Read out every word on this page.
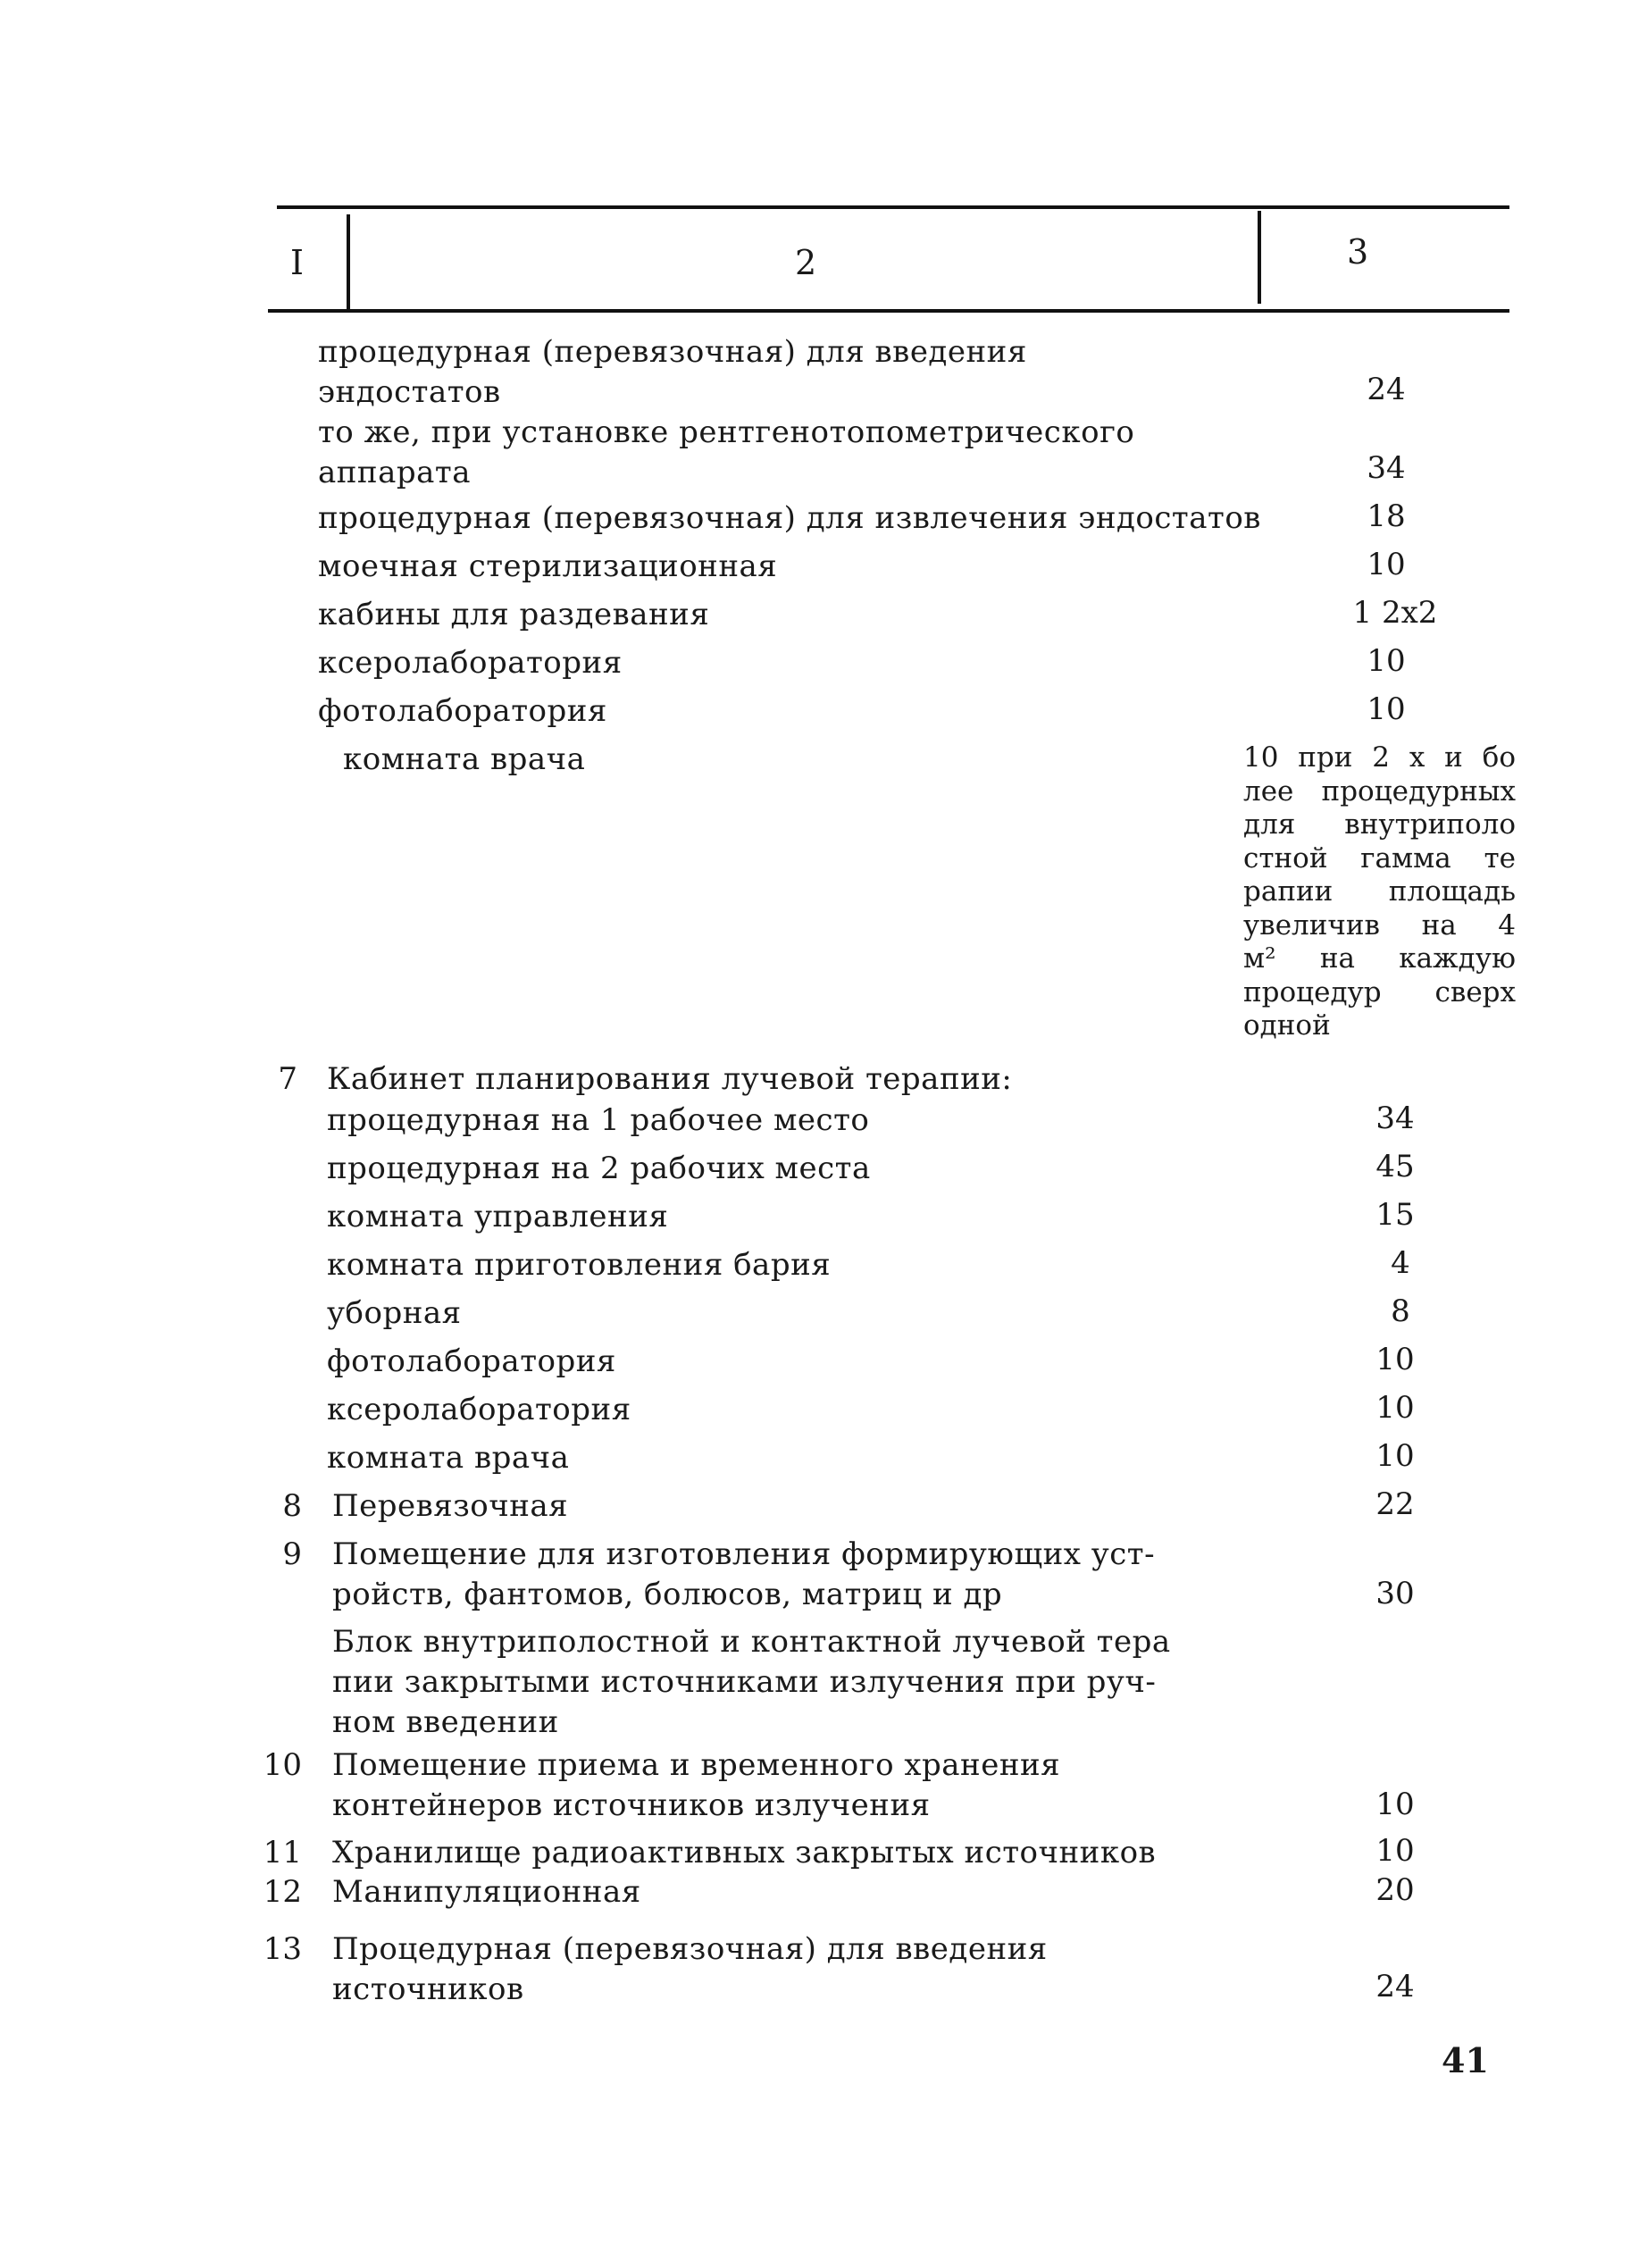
I	2	3
процедурная (перевязочная) для введения
эндостатов	24
то же, при установке рентгенотопометрического
аппарата	34
процедурная (перевязочная) для извлечения эндостатов	18
моечная стерилизационная	10
кабины для раздевания	1 2х2
ксеролаборатория	10
фотолаборатория	10
комната врача	10 при 2 х и бо
лее процедурных
для внутриполо
стной гамма те
рапии площадь
увеличив на 4
м² на каждую
процедур сверх
одной
7 Кабинет планирования лучевой терапии:
процедурная на 1 рабочее место	34
процедурная на 2 рабочих места	45
комната управления	15
комната приготовления бария	4
уборная	8
фотолаборатория	10
ксеролаборатория	10
комната врача	10
8 Перевязочная	22
9 Помещение для изготовления формирующих уст-
ройств, фантомов, болюсов, матриц и др	30
Блок внутриполостной и контактной лучевой тера
пии закрытыми источниками излучения при руч-
ном введении
10 Помещение приема и временного хранения
контейнеров источников излучения	10
11 Хранилище радиоактивных закрытых источников	10
12 Манипуляционная	20
13 Процедурная (перевязочная) для введения
источников	24
41
